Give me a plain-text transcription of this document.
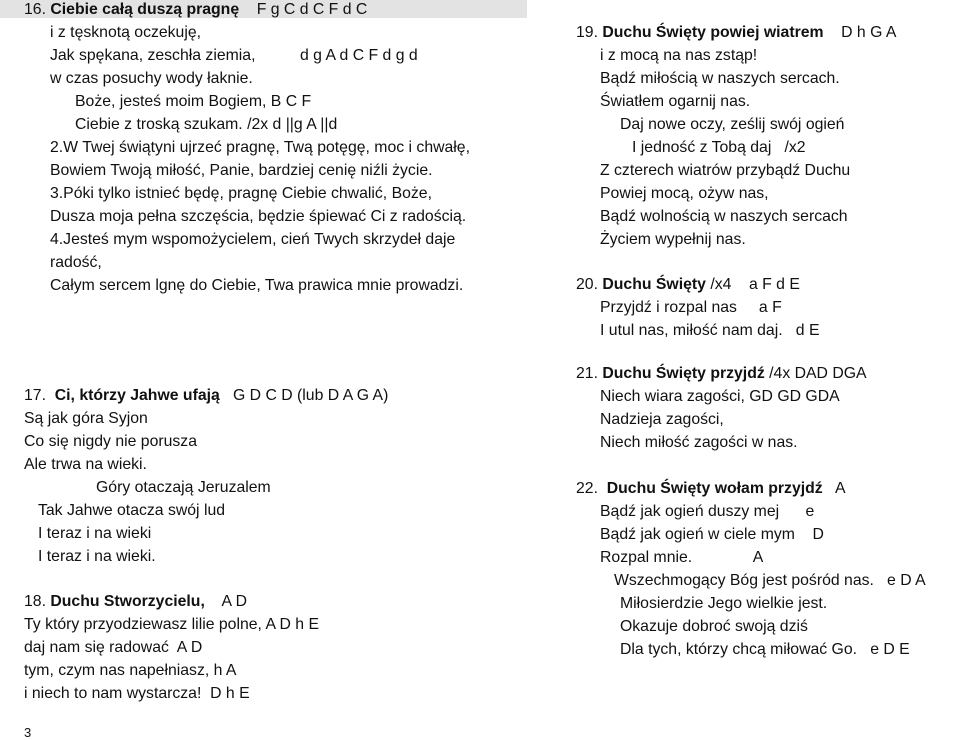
16. Ciebie całą duszą pragnę F g C d C F d C
i z tęsknotą oczekuję,
Jak spękana, zeschła ziemia,	d g A d C F d g d
w czas posuchy wody łaknie.
Boże, jesteś moim Bogiem, B C F
Ciebie z troską szukam. /2x d ||g A ||d
2.W Twej świątyni ujrzeć pragnę, Twą potęgę, moc i chwałę,
Bowiem Twoją miłość, Panie, bardziej cenię niźli życie.
3.Póki tylko istnieć będę, pragnę Ciebie chwalić, Boże,
Dusza moja pełna szczęścia, będzie śpiewać Ci z radością.
4.Jesteś mym wspomożycielem, cień Twych skrzydeł daje
radość,
Całym sercem lgnę do Ciebie, Twa prawica mnie prowadzi.
17. Ci, którzy Jahwe ufają G D C D (lub D A G A)
Są jak góra Syjon
Co się nigdy nie porusza
Ale trwa na wieki.
Góry otaczają Jeruzalem
Tak Jahwe otacza swój lud
I teraz i na wieki
I teraz i na wieki.
18. Duchu Stworzycielu, A D
Ty który przyodziewasz lilie polne, A D h E
daj nam się radować  A D
tym, czym nas napełniasz, h A
i niech to nam wystarcza!  D h E
19. Duchu Święty powiej wiatrem D h G A
i z mocą na nas zstąp!
Bądź miłością w naszych sercach.
Światłem ogarnij nas.
Daj nowe oczy, ześlij swój ogień
I jedność z Tobą daj   /x2
Z czterech wiatrów przybądź Duchu
Powiej mocą, ożyw nas,
Bądź wolnością w naszych sercach
Życiem wypełnij nas.
20. Duchu Święty /x4    a F d E
Przyjdź i rozpal nas     a F
I utul nas, miłość nam daj.   d E
21. Duchu Święty przyjdź /4x DAD DGA
Niech wiara zagości, GD GD GDA
Nadzieja zagości,
Niech miłość zagości w nas.
22. Duchu Święty wołam przyjdź A
Bądź jak ogień duszy mej      e
Bądź jak ogień w ciele mym    D
Rozpal mnie.              A
Wszechmogący Bóg jest pośród nas.   e D A
Miłosierdzie Jego wielkie jest.
Okazuje dobroć swoją dziś
Dla tych, którzy chcą miłować Go.   e D E
3
